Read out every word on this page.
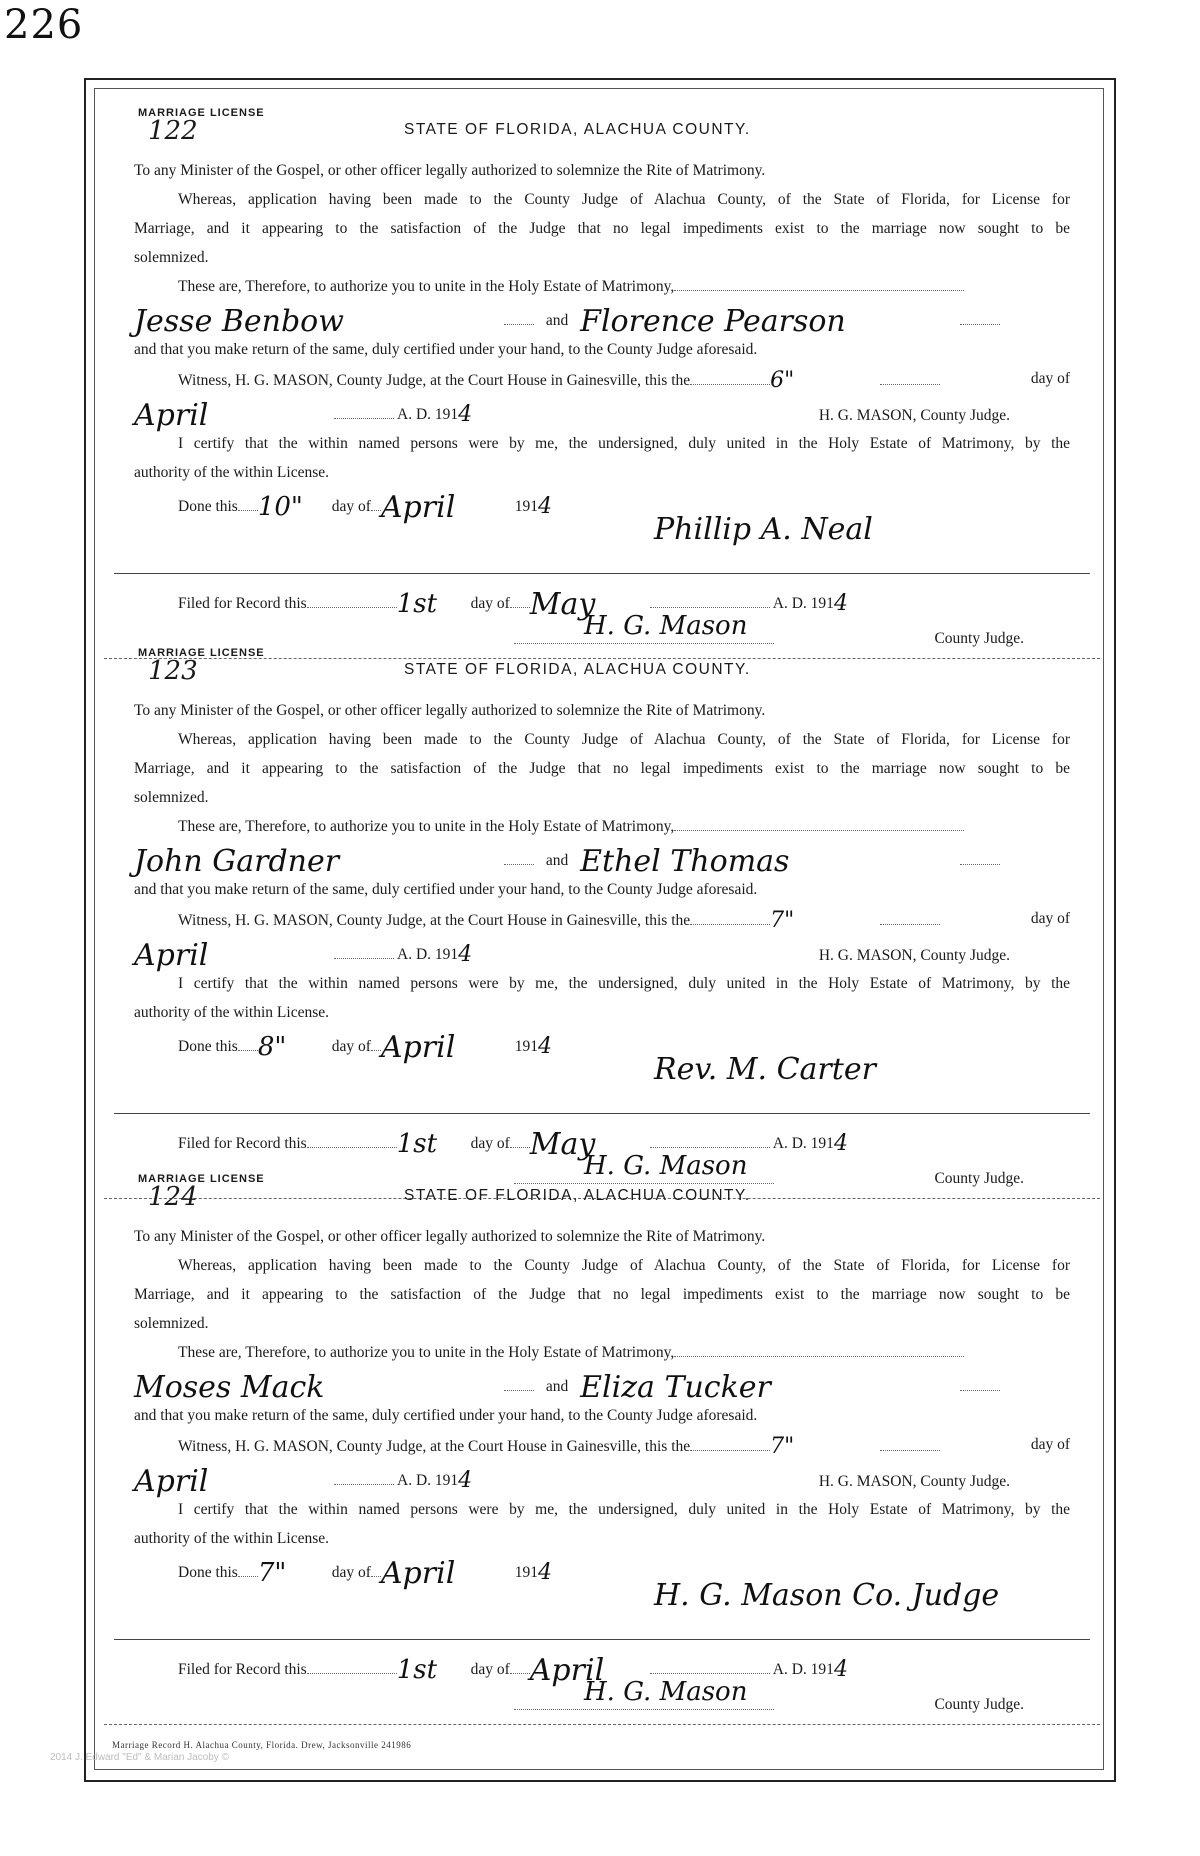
226
MARRIAGE LICENSE
122	STATE OF FLORIDA, ALACHUA COUNTY.
To any Minister of the Gospel, or other officer legally authorized to solemnize the Rite of Matrimony.
Whereas, application having been made to the County Judge of Alachua County, of the State of Florida, for License for
Marriage, and it appearing to the satisfaction of the Judge that no legal impediments exist to the marriage now sought to be
solemnized.
These are, Therefore, to authorize you to unite in the Holy Estate of Matrimony,
Jesse Benbow	and Florence Pearson
and that you make return of the same, duly certified under your hand, to the County Judge aforesaid.
Witness, H. G. MASON, County Judge, at the Court House in Gainesville, this the	6"	day of
April	A. D. 1914	H. G. MASON, County Judge.
I certify that the within named persons were by me, the undersigned, duly united in the Holy Estate of Matrimony, by the
authority of the within License.
Done this 10" day of April	1914
Phillip A. Neal
Filed for Record this	1st day of May	A. D. 1914
H. G. Mason	County Judge.
MARRIAGE LICENSE
123	STATE OF FLORIDA, ALACHUA COUNTY.
To any Minister of the Gospel, or other officer legally authorized to solemnize the Rite of Matrimony.
Whereas, application having been made to the County Judge of Alachua County, of the State of Florida, for License for
Marriage, and it appearing to the satisfaction of the Judge that no legal impediments exist to the marriage now sought to be
solemnized.
These are, Therefore, to authorize you to unite in the Holy Estate of Matrimony,
John Gardner	and Ethel Thomas
and that you make return of the same, duly certified under your hand, to the County Judge aforesaid.
Witness, H. G. MASON, County Judge, at the Court House in Gainesville, this the	7"	day of
April	A. D. 1914	H. G. MASON, County Judge.
I certify that the within named persons were by me, the undersigned, duly united in the Holy Estate of Matrimony, by the
authority of the within License.
Done this 8"	day of April	1914
Rev. M. Carter
Filed for Record this	1st day of May	A. D. 1914
H. G. Mason	County Judge.
MARRIAGE LICENSE
124	STATE OF FLORIDA, ALACHUA COUNTY.
To any Minister of the Gospel, or other officer legally authorized to solemnize the Rite of Matrimony.
Whereas, application having been made to the County Judge of Alachua County, of the State of Florida, for License for
Marriage, and it appearing to the satisfaction of the Judge that no legal impediments exist to the marriage now sought to be
solemnized.
These are, Therefore, to authorize you to unite in the Holy Estate of Matrimony,
Moses Mack	and Eliza Tucker
and that you make return of the same, duly certified under your hand, to the County Judge aforesaid.
Witness, H. G. MASON, County Judge, at the Court House in Gainesville, this the	7"	day of
April	A. D. 1914	H. G. MASON, County Judge.
I certify that the within named persons were by me, the undersigned, duly united in the Holy Estate of Matrimony, by the
authority of the within License.
Done this 7"	day of April	1914
H. G. Mason Co. Judge
Filed for Record this	1st day of April	A. D. 1914
H. G. Mason	County Judge.
Marriage Record H. Alachua County, Florida. Drew, Jacksonville 241986
2014 J. Edward "Ed" & Marian Jacoby ©
